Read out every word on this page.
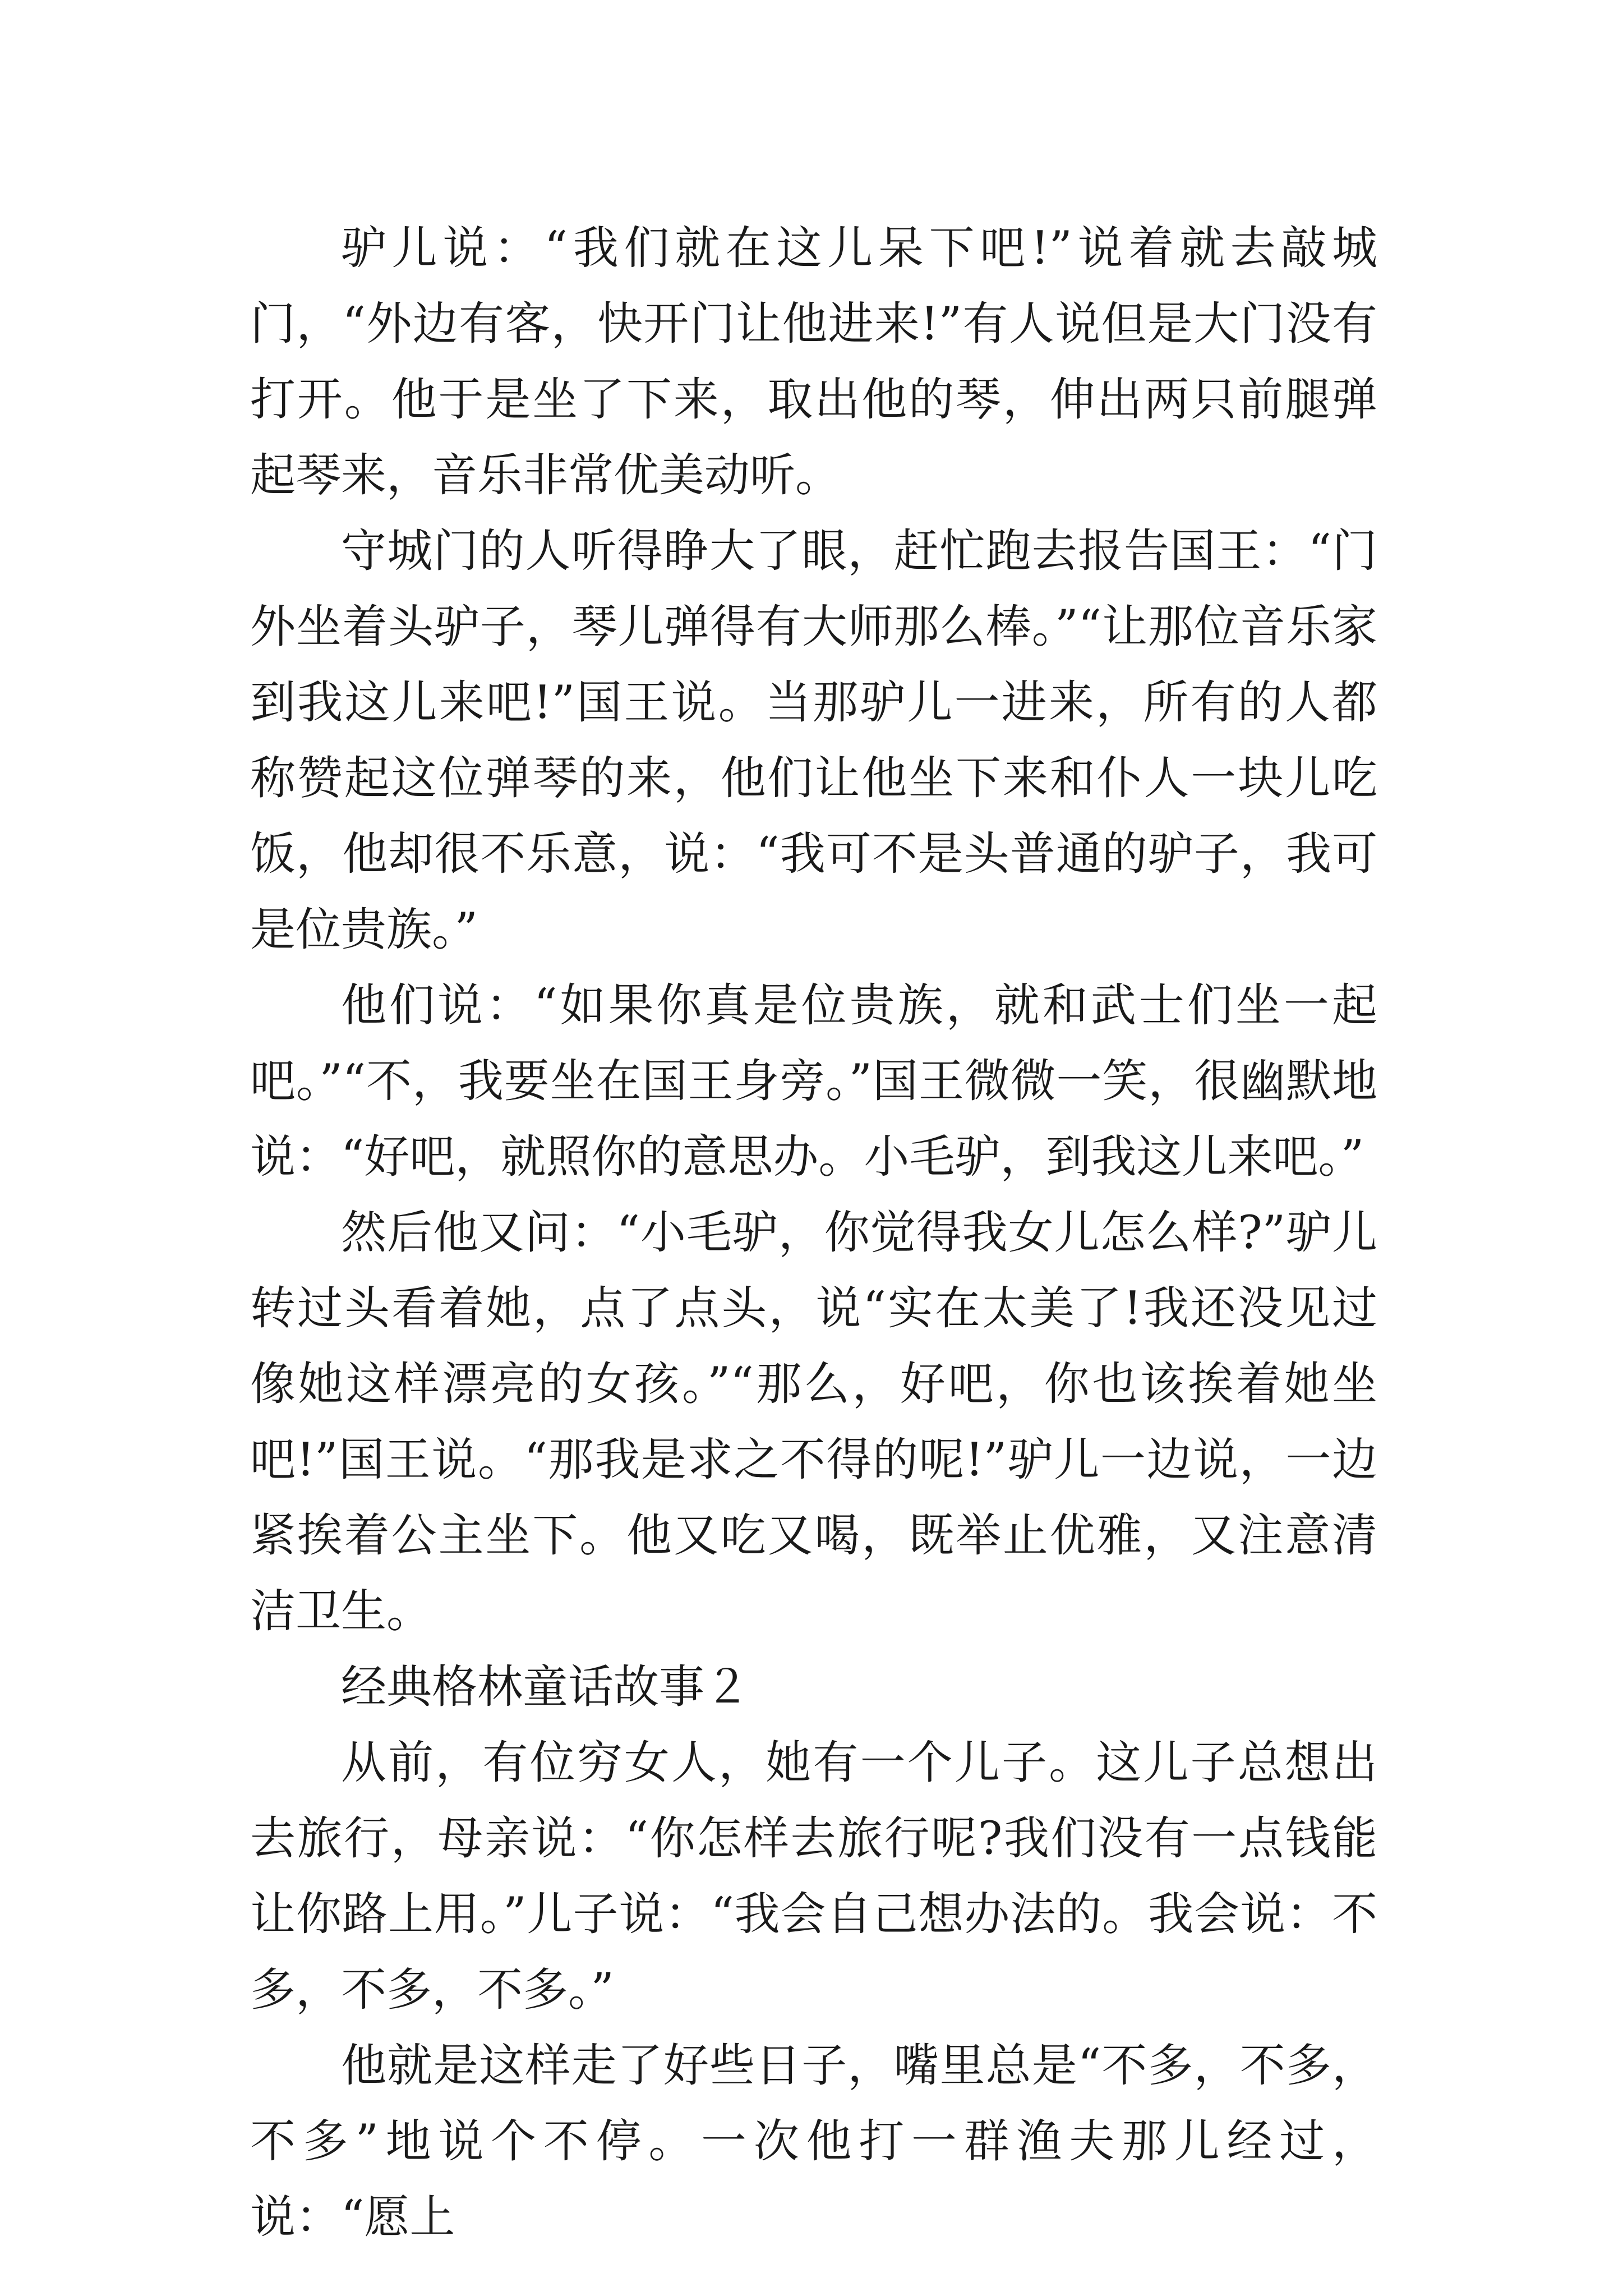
驴儿说：“我们就在这儿呆下吧!”说着就去敲城门，“外边有客，快开门让他进来!”有人说但是大门没有打开。他于是坐了下来，取出他的琴，伸出两只前腿弹起琴来，音乐非常优美动听。

守城门的人听得睁大了眼，赶忙跑去报告国王：“门外坐着头驴子，琴儿弹得有大师那么棒。”“让那位音乐家到我这儿来吧!”国王说。当那驴儿一进来，所有的人都称赞起这位弹琴的来，他们让他坐下来和仆人一块儿吃饭，他却很不乐意，说：“我可不是头普通的驴子，我可是位贵族。”

他们说：“如果你真是位贵族，就和武士们坐一起吧。”“不，我要坐在国王身旁。”国王微微一笑，很幽默地说：“好吧，就照你的意思办。小毛驴，到我这儿来吧。”

然后他又问：“小毛驴，你觉得我女儿怎么样?”驴儿转过头看着她，点了点头，说“实在太美了!我还没见过像她这样漂亮的女孩。”“那么，好吧，你也该挨着她坐吧!”国王说。“那我是求之不得的呢!”驴儿一边说，一边紧挨着公主坐下。他又吃又喝，既举止优雅，又注意清洁卫生。

经典格林童话故事２

从前，有位穷女人，她有一个儿子。这儿子总想出去旅行，母亲说：“你怎样去旅行呢?我们没有一点钱能让你路上用。”儿子说：“我会自己想办法的。我会说：不多，不多，不多。”

他就是这样走了好些日子，嘴里总是“不多，不多，不多”地说个不停。一次他打一群渔夫那儿经过，说：“愿上
